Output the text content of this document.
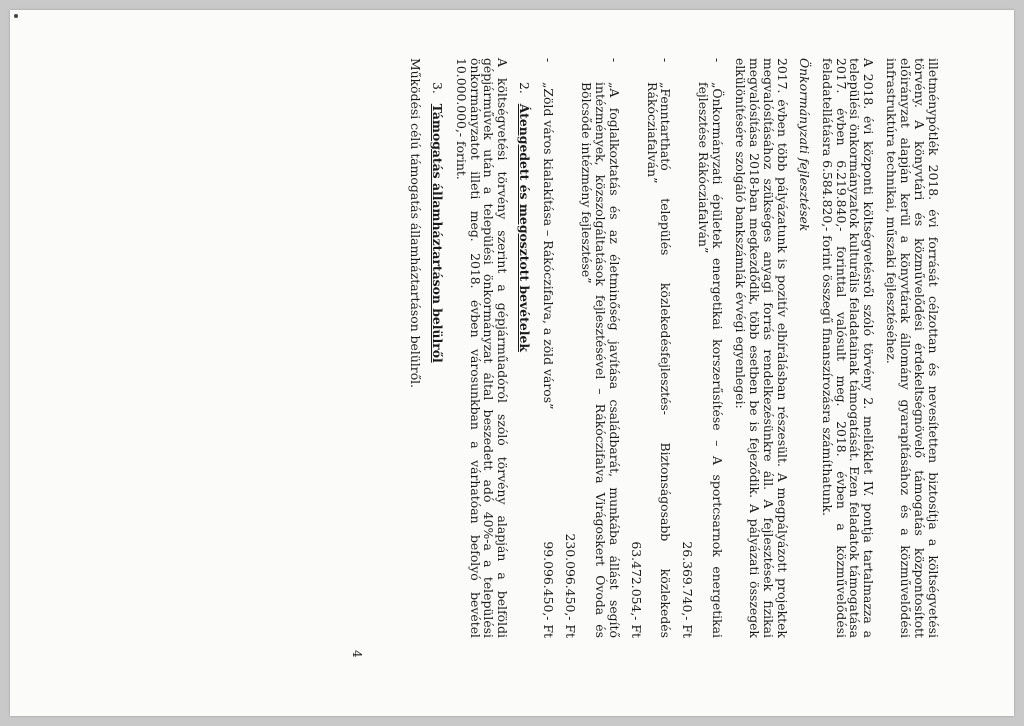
illetménypótlék 2018. évi forrását célzottan és nevesítetten biztosítja a költségvetési törvény. A könyvtári és közművelődési érdekeltségnövelő támogatás központosított előirányzat alapján kerül a könyvtárak állomány gyarapításához és a közművelődési infrastruktúra technikai, műszaki fejlesztéséhez.

A 2018. évi központi költségvetésről szóló törvény 2. melléklet IV. pontja tartalmazza a települési önkormányzatok kulturális feladatainak támogatását. Ezen feladatok támogatása 2017. évben 6.219.840,- forinttal valósult meg. 2018. évben a közművelődési feladatellátásra 6.584.820,- forint összegű finanszírozásra számíthatunk.

Önkormányzati fejlesztések

2017. évben több pályázatunk is pozitív elbírálásban részesült. A megpályázott projektek megvalósításához szükséges anyagi forrás rendelkezésünkre áll. A fejlesztések fizikai megvalósítása 2018-ban megkezdődik, több esetben be is fejeződik. A pályázati összegek elkülönítésére szolgáló bankszámlák évvégi egyenlegei:

-
„Önkormányzati épületek energetikai korszerűsítése – A sportcsarnok energetikai fejlesztése Rákócziafalván”
26.369.740,- Ft
-
„Fenntartható település közlekedésfejlesztés- Biztonságosabb közlekedés Rákócziafalván”
63.472.054,- Ft
-
„A foglalkoztatás és az életminőség javítása családbarát, munkába állást segítő intézmények, közszolgáltatások fejlesztésével – Rákóczifalva Virágoskert Óvoda és Bölcsőde intézmény fejlesztése”
230.096.450,- Ft
-
„Zöld város kialakítása – Rákóczifalva, a zöld város”
99.096.450,- Ft
2. Átengedett és megosztott bevételek

A költségvetési törvény szerint a gépjárműadóról szóló törvény alapján a belföldi gépjárművek után a települési önkormányzat által beszedett adó 40%-a a települési önkormányzatot illeti meg. 2018. évben városunkban a várhatóan befolyó bevétel 10.000.000,- forint.

3. Támogatás államháztartáson belülről

Működési célú támogatás államháztartáson belülről.

4
